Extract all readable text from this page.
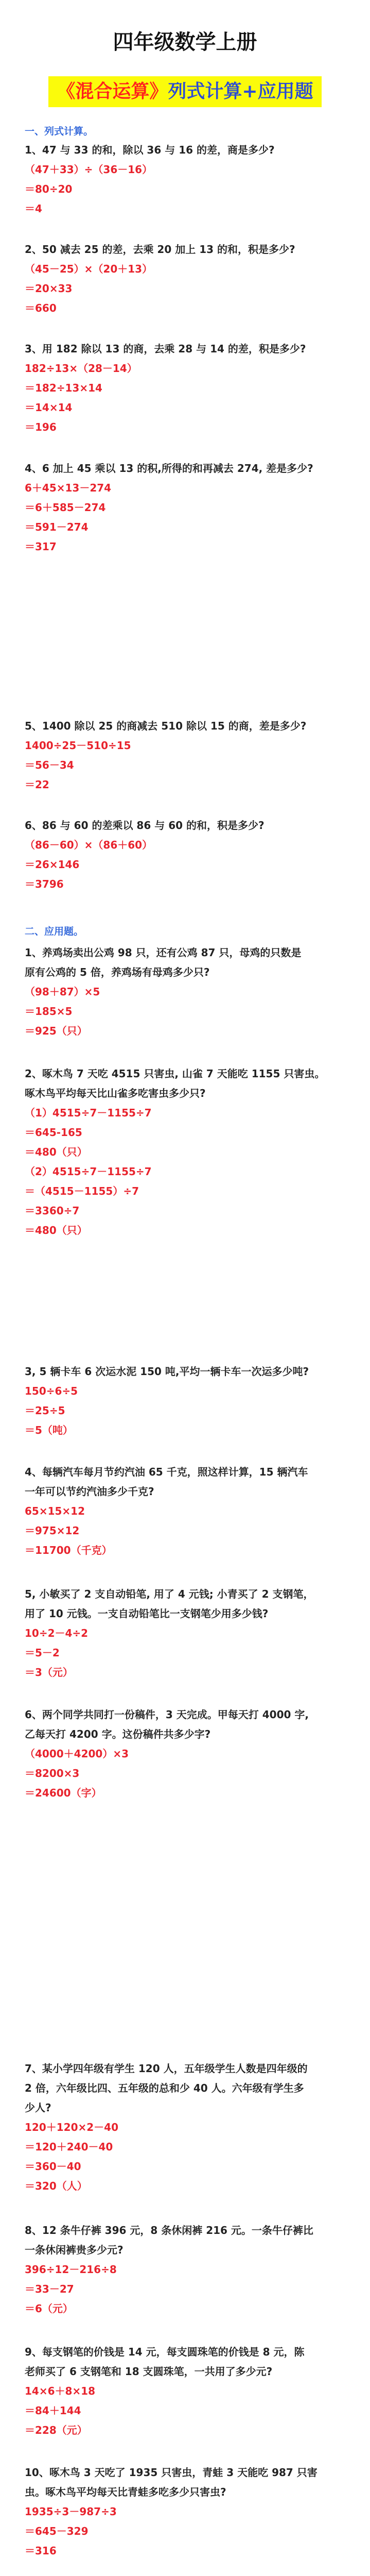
四年级数学上册
《混合运算》列式计算+应用题
一、列式计算。
二、应用题。
1、47 与 33 的和，除以 36 与 16 的差，商是多少?
（47＋33）÷（36－16）
＝80÷20
＝4
2、50 减去 25 的差，去乘 20 加上 13 的和，积是多少?
（45－25）×（20＋13）
＝20×33
＝660
3、用 182 除以 13 的商，去乘 28 与 14 的差，积是多少?
182÷13×（28－14）
＝182÷13×14
＝14×14
＝196
4、6 加上 45 乘以 13 的积,所得的和再减去 274, 差是多少?
6＋45×13－274
＝6＋585－274
＝591－274
＝317
5、1400 除以 25 的商减去 510 除以 15 的商，差是多少?
1400÷25－510÷15
＝56－34
＝22
6、86 与 60 的差乘以 86 与 60 的和，积是多少?
（86－60）×（86＋60）
＝26×146
＝3796
1、养鸡场卖出公鸡 98 只，还有公鸡 87 只，母鸡的只数是
原有公鸡的 5 倍，养鸡场有母鸡多少只?
（98＋87）×5
＝185×5
＝925（只）
2、啄木鸟 7 天吃 4515 只害虫, 山雀 7 天能吃 1155 只害虫。
啄木鸟平均每天比山雀多吃害虫多少只?
（1）4515÷7－1155÷7
＝645-165
＝480（只）
（2）4515÷7－1155÷7
＝（4515－1155）÷7
＝3360÷7
＝480（只）
3, 5 辆卡车 6 次运水泥 150 吨,平均一辆卡车一次运多少吨?
150÷6÷5
＝25÷5
＝5（吨）
4、每辆汽车每月节约汽油 65 千克，照这样计算，15 辆汽车
一年可以节约汽油多少千克?
65×15×12
＝975×12
＝11700（千克）
5, 小敏买了 2 支自动铅笔, 用了 4 元钱; 小青买了 2 支钢笔，
用了 10 元钱。一支自动铅笔比一支钢笔少用多少钱?
10÷2－4÷2
＝5－2
＝3（元）
6、两个同学共同打一份稿件，3 天完成。甲每天打 4000 字,
乙每天打 4200 字。这份稿件共多少字?
（4000＋4200）×3
＝8200×3
＝24600（字）
7、某小学四年级有学生 120 人，五年级学生人数是四年级的
2 倍，六年级比四、五年级的总和少 40 人。六年级有学生多
少人?
120＋120×2－40
＝120＋240－40
＝360－40
＝320（人）
8、12 条牛仔裤 396 元，8 条休闲裤 216 元。一条牛仔裤比
一条休闲裤贵多少元?
396÷12－216÷8
＝33－27
＝6（元）
9、每支钢笔的价钱是 14 元，每支圆珠笔的价钱是 8 元，陈
老师买了 6 支钢笔和 18 支圆珠笔，一共用了多少元?
14×6＋8×18
＝84＋144
＝228（元）
10、啄木鸟 3 天吃了 1935 只害虫，青蛙 3 天能吃 987 只害
虫。啄木鸟平均每天比青蛙多吃多少只害虫?
1935÷3－987÷3
＝645－329
＝316
